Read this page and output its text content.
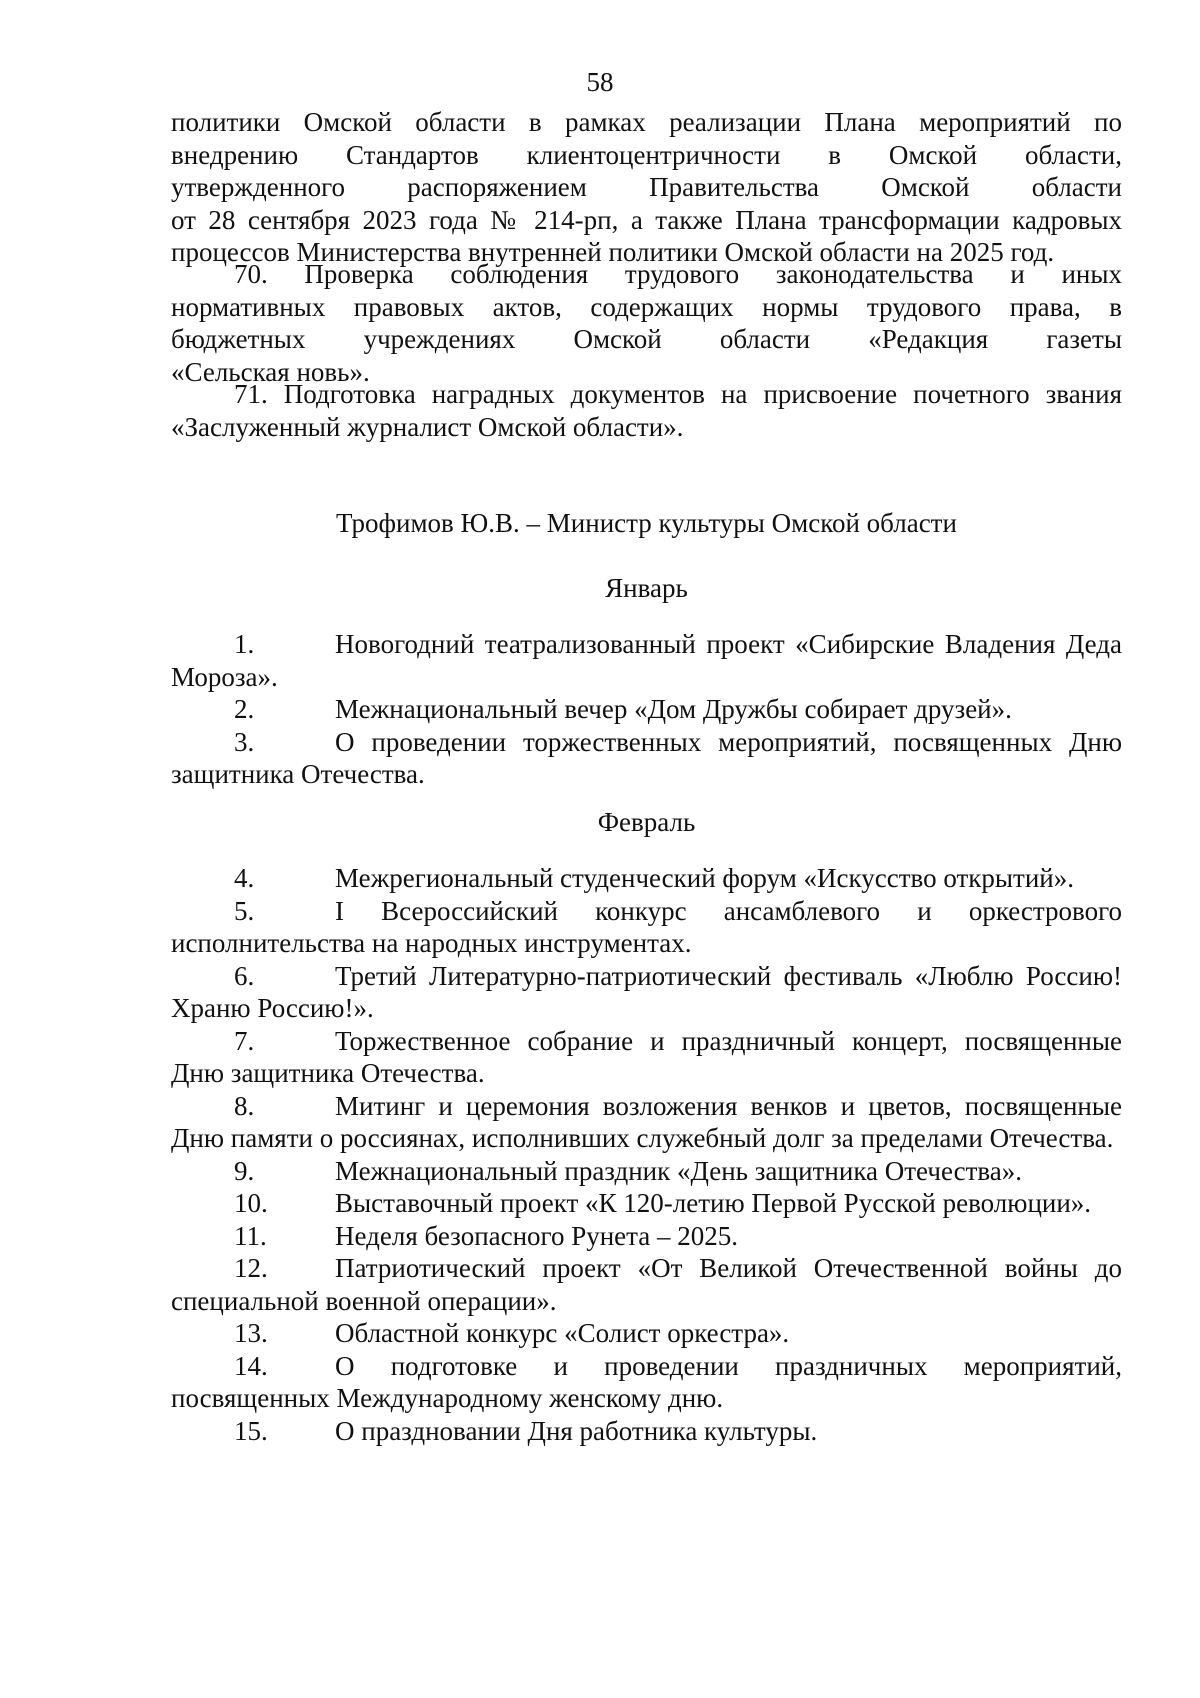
58
политики Омской области в рамках реализации Плана мероприятий по
внедрению Стандартов клиентоцентричности в Омской области,
утвержденного распоряжением Правительства Омской области
от 28 сентября 2023 года № 214-рп, а также Плана трансформации кадровых
процессов Министерства внутренней политики Омской области на 2025 год.
70. Проверка соблюдения трудового законодательства и иных
нормативных правовых актов, содержащих нормы трудового права, в
бюджетных учреждениях Омской области «Редакция газеты
«Сельская новь».
71. Подготовка наградных документов на присвоение почетного звания
«Заслуженный журналист Омской области».
Трофимов Ю.В. – Министр культуры Омской области
Январь

1.	Новогодний театрализованный проект «Сибирские Владения Деда Мороза».

2.	Межнациональный вечер «Дом Дружбы собирает друзей».

3.	О проведении торжественных мероприятий, посвященных Дню защитника Отечества.

Февраль

4.	Межрегиональный студенческий форум «Искусство открытий».

5.	I Всероссийский конкурс ансамблевого и оркестрового исполнительства на народных инструментах.

6.	Третий Литературно-патриотический фестиваль «Люблю Россию! Храню Россию!».

7.	Торжественное собрание и праздничный концерт, посвященные Дню защитника Отечества.

8.	Митинг и церемония возложения венков и цветов, посвященные Дню памяти о россиянах, исполнивших служебный долг за пределами Отечества.

9.	Межнациональный праздник «День защитника Отечества».

10. Выставочный проект «К 120-летию Первой Русской революции».

11.	Неделя безопасного Рунета – 2025.

12. Патриотический проект «От Великой Отечественной войны до специальной военной операции».

13. Областной конкурс «Солист оркестра».

14. О подготовке и проведении праздничных мероприятий, посвященных Международному женскому дню.

15. О праздновании Дня работника культуры.
